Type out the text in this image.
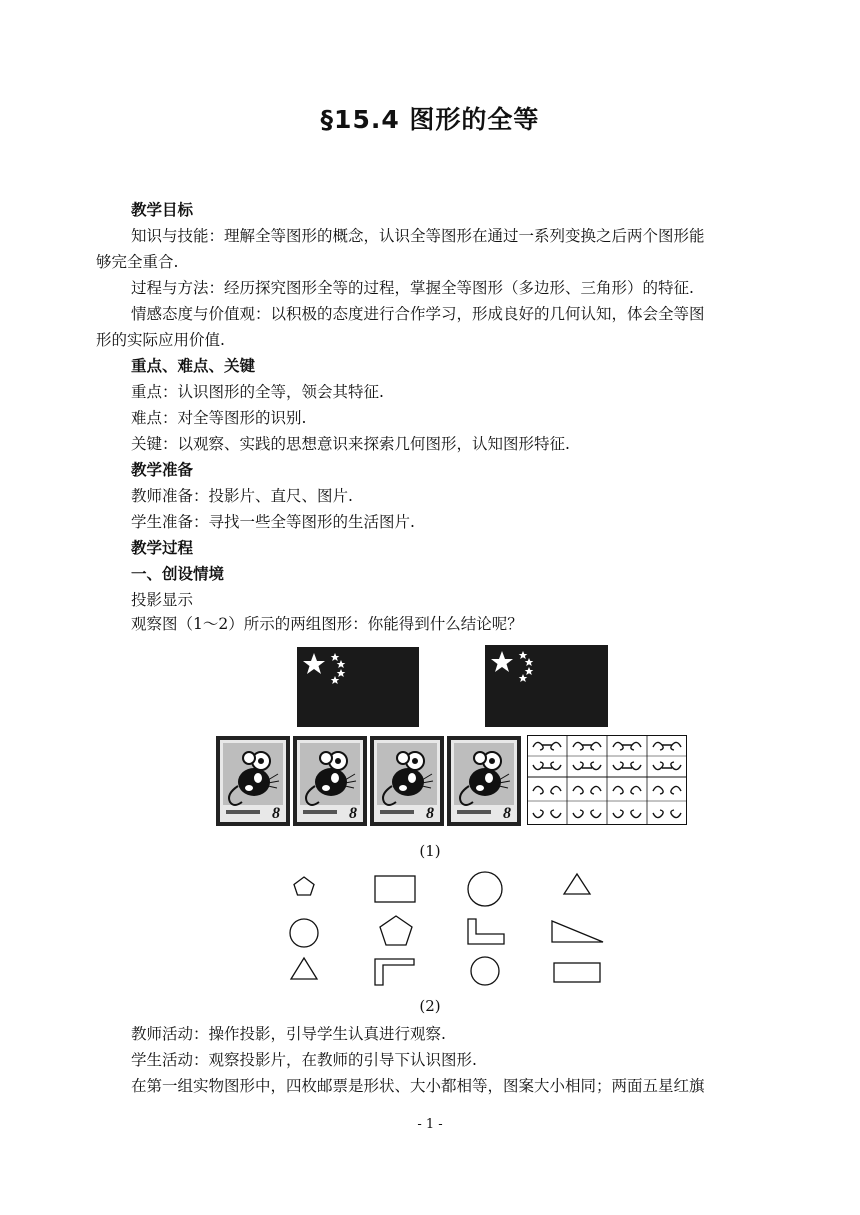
§15.4 图形的全等
教学目标
知识与技能：理解全等图形的概念，认识全等图形在通过一系列变换之后两个图形能
够完全重合.
过程与方法：经历探究图形全等的过程，掌握全等图形（多边形、三角形）的特征.
情感态度与价值观：以积极的态度进行合作学习，形成良好的几何认知，体会全等图
形的实际应用价值.
重点、难点、关键
重点：认识图形的全等，领会其特征.
难点：对全等图形的识别.
关键：以观察、实践的思想意识来探索几何图形，认知图形特征.
教学准备
教师准备：投影片、直尺、图片.
学生准备：寻找一些全等图形的生活图片.
教学过程
一、创设情境
投影显示
观察图（1～2）所示的两组图形：你能得到什么结论呢？
(1)
(2)
教师活动：操作投影，引导学生认真进行观察.
学生活动：观察投影片，在教师的引导下认识图形.
在第一组实物图形中，四枚邮票是形状、大小都相等，图案大小相同；两面五星红旗
- 1 -
